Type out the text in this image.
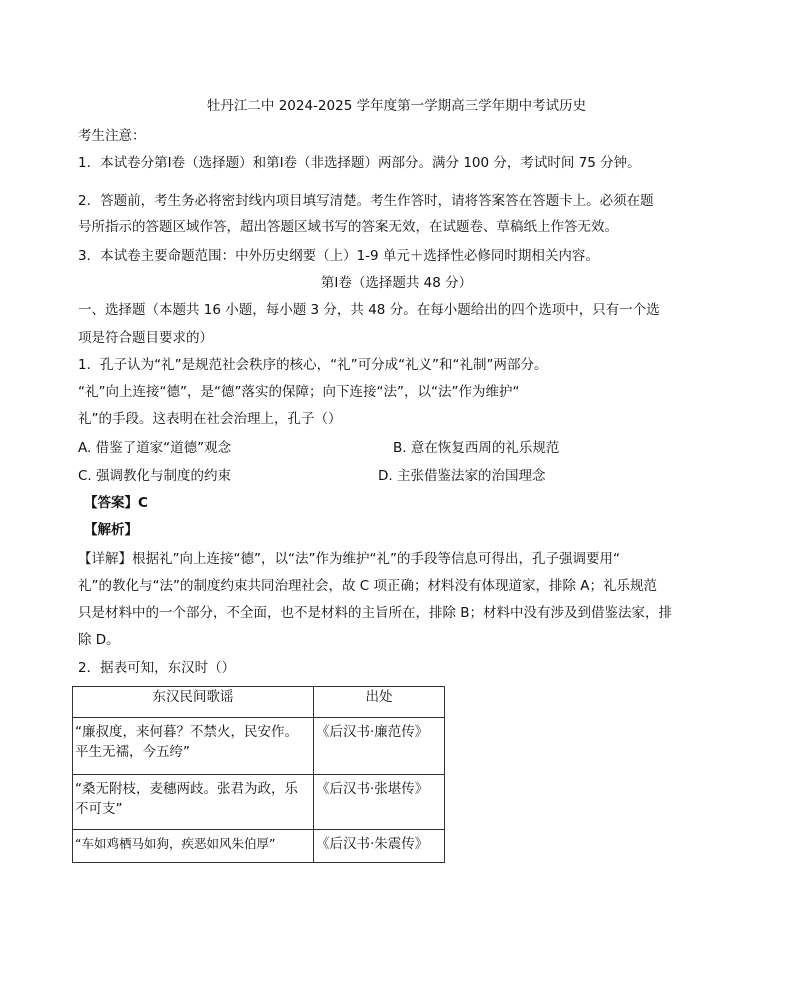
牡丹江二中 2024-2025 学年度第一学期高三学年期中考试历史
考生注意：
1．本试卷分第Ⅰ卷（选择题）和第Ⅰ卷（非选择题）两部分。满分 100 分，考试时间 75 分钟。
2．答题前，考生务必将密封线内项目填写清楚。考生作答时，请将答案答在答题卡上。必须在题
号所指示的答题区域作答，超出答题区域书写的答案无效，在试题卷、草稿纸上作答无效。
3．本试卷主要命题范围：中外历史纲要（上）1-9 单元＋选择性必修同时期相关内容。
第Ⅰ卷（选择题共 48 分）
一、选择题（本题共 16 小题，每小题 3 分，共 48 分。在每小题给出的四个选项中，只有一个选
项是符合题目要求的）
1．孔子认为“礼”是规范社会秩序的核心，“礼”可分成“礼义”和“礼制”两部分。
“礼”向上连接“德”，是“德”落实的保障；向下连接“法”，以“法”作为维护“
礼”的手段。这表明在社会治理上，孔子（）
A. 借鉴了道家“道德”观念	B. 意在恢复西周的礼乐规范
C. 强调教化与制度的约束	D. 主张借鉴法家的治国理念
【答案】C
【解析】
【详解】根据礼”向上连接“德”，以“法”作为维护“礼”的手段等信息可得出，孔子强调要用“
礼”的教化与“法”的制度约束共同治理社会，故 C 项正确；材料没有体现道家，排除 A；礼乐规范
只是材料中的一个部分，不全面，也不是材料的主旨所在，排除 B；材料中没有涉及到借鉴法家，排
除 D。
2．据表可知，东汉时（）
东汉民间歌谣	出处

“廉叔度，来何暮？不禁火，民安作。
平生无襦，今五绔”	《后汉书·廉范传》

“桑无附枝，麦穗两歧。张君为政，乐
不可支”	《后汉书·张堪传》

“车如鸡栖马如狗，疾恶如风朱伯厚”	《后汉书·朱震传》
